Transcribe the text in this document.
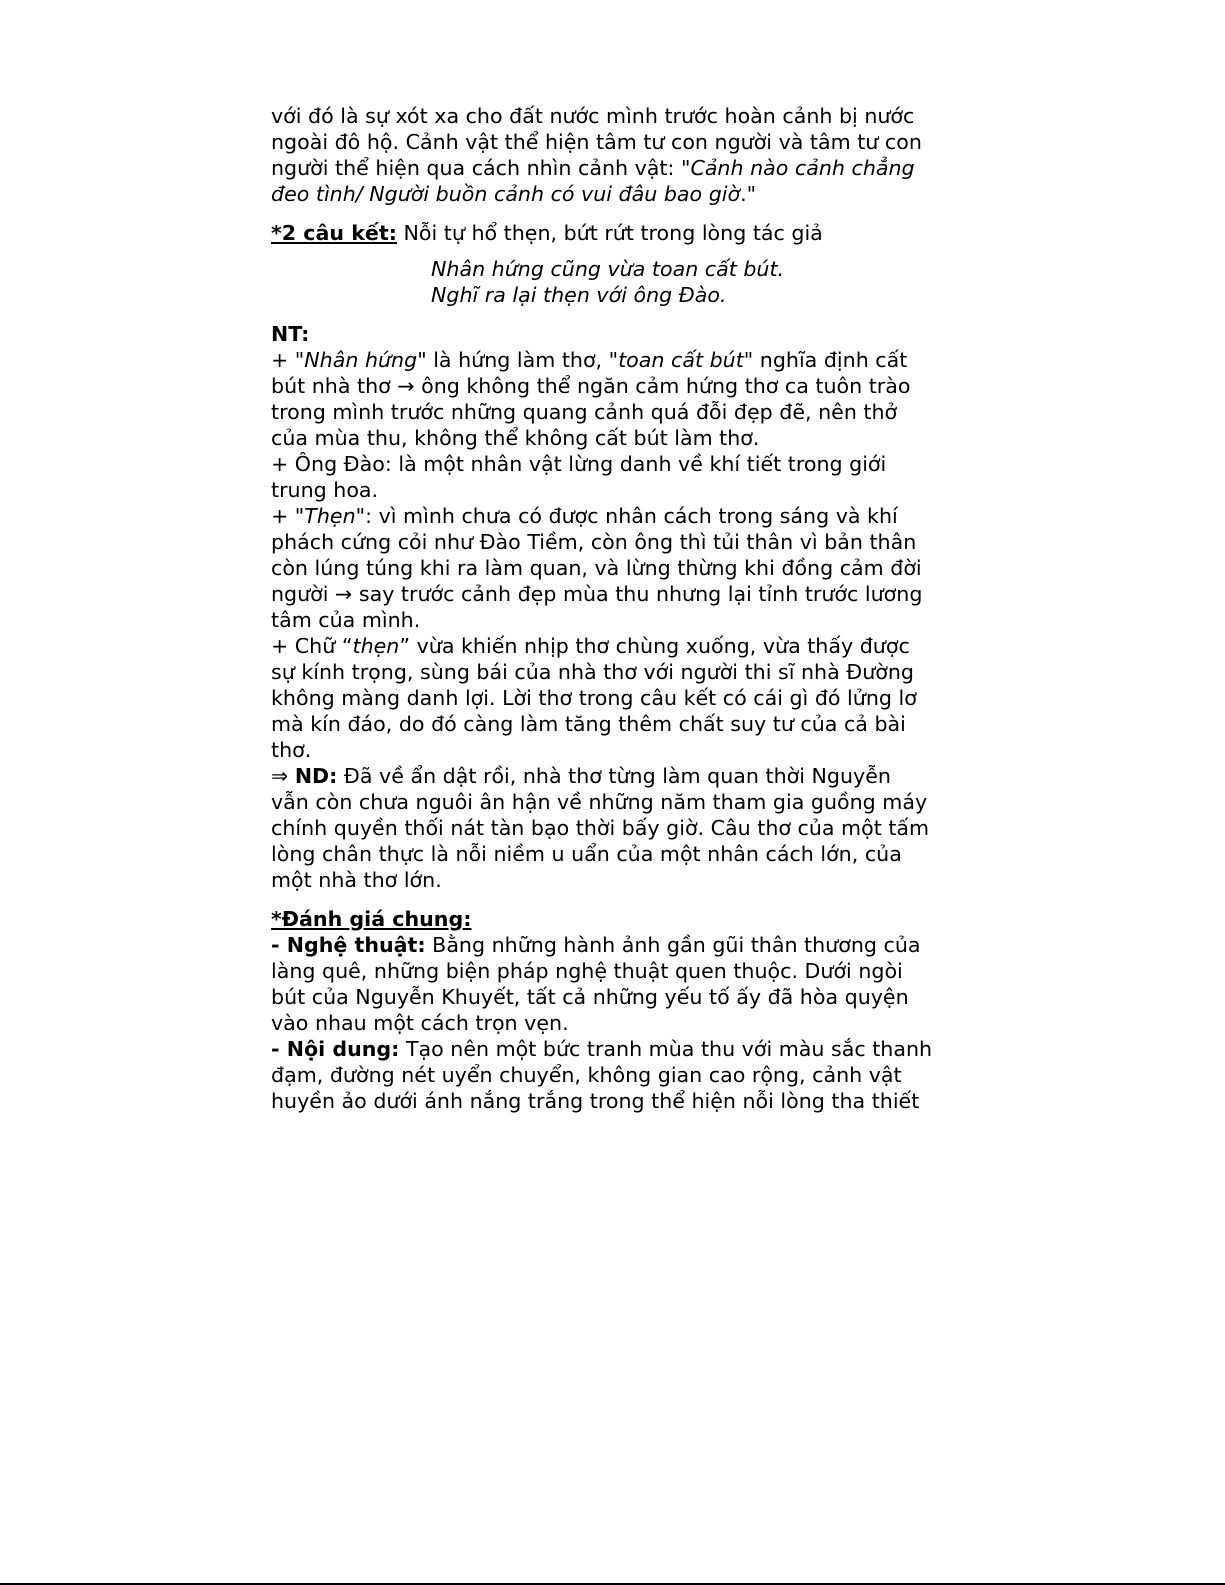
với đó là sự xót xa cho đất nước mình trước hoàn cảnh bị nước
ngoài đô hộ. Cảnh vật thể hiện tâm tư con người và tâm tư con
người thể hiện qua cách nhìn cảnh vật: "Cảnh nào cảnh chẳng
đeo tình/ Người buồn cảnh có vui đâu bao giờ."
*2 câu kết: Nỗi tự hổ thẹn, bứt rứt trong lòng tác giả
Nhân hứng cũng vừa toan cất bút.
Nghĩ ra lại thẹn với ông Đào.
NT:
+ "Nhân hứng" là hứng làm thơ, "toan cất bút" nghĩa định cất
bút nhà thơ → ông không thể ngăn cảm hứng thơ ca tuôn trào
trong mình trước những quang cảnh quá đỗi đẹp đẽ, nên thở
của mùa thu, không thể không cất bút làm thơ.
+ Ông Đào: là một nhân vật lừng danh về khí tiết trong giới
trung hoa.
+ "Thẹn": vì mình chưa có được nhân cách trong sáng và khí
phách cứng cỏi như Đào Tiềm, còn ông thì tủi thân vì bản thân
còn lúng túng khi ra làm quan, và lừng thừng khi đồng cảm đời
người → say trước cảnh đẹp mùa thu nhưng lại tỉnh trước lương
tâm của mình.
+ Chữ “thẹn” vừa khiến nhịp thơ chùng xuống, vừa thấy được
sự kính trọng, sùng bái của nhà thơ với người thi sĩ nhà Đường
không màng danh lợi. Lời thơ trong câu kết có cái gì đó lửng lơ
mà kín đáo, do đó càng làm tăng thêm chất suy tư của cả bài
thơ.
⇒ ND: Đã về ẩn dật rồi, nhà thơ từng làm quan thời Nguyễn
vẫn còn chưa nguôi ân hận về những năm tham gia guồng máy
chính quyền thối nát tàn bạo thời bấy giờ. Câu thơ của một tấm
lòng chân thực là nỗi niềm u uẩn của một nhân cách lớn, của
một nhà thơ lớn.
*Đánh giá chung:
- Nghệ thuật: Bằng những hành ảnh gần gũi thân thương của
làng quê, những biện pháp nghệ thuật quen thuộc. Dưới ngòi
bút của Nguyễn Khuyết, tất cả những yếu tố ấy đã hòa quyện
vào nhau một cách trọn vẹn.
- Nội dung: Tạo nên một bức tranh mùa thu với màu sắc thanh
đạm, đường nét uyển chuyển, không gian cao rộng, cảnh vật
huyền ảo dưới ánh nắng trắng trong thể hiện nỗi lòng tha thiết
